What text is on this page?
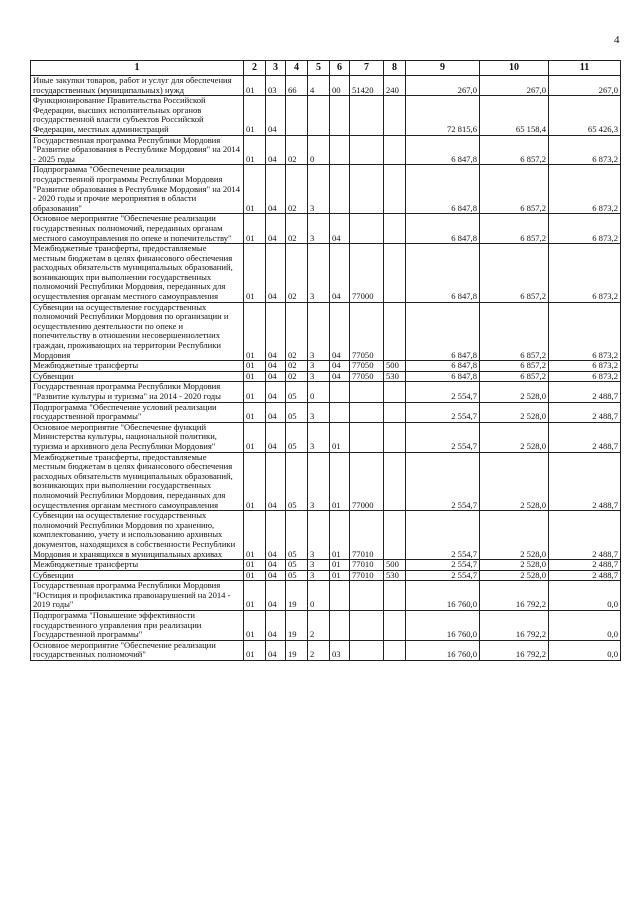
4
1	2	3	4	5	6	7	8	9	10	11
Иные закупки товаров, работ и услуг для обеспечения государственных (муниципальных) нужд	01	03	66	4	00	51420	240	267,0	267,0	267,0
Функционирование Правительства Российской Федерации, высших исполнительных органов государственной власти субъектов Российской Федерации, местных администраций	01	04						72 815,6	65 158,4	65 426,3
Государственная программа Республики Мордовия "Развитие образования в Республике Мордовия" на 2014 - 2025 годы	01	04	02	0				6 847,8	6 857,2	6 873,2
Подпрограмма "Обеспечение реализации государственной программы Республики Мордовия "Развитие образования в Республике Мордовия" на 2014 - 2020 годы и прочие мероприятия в области образования"	01	04	02	3				6 847,8	6 857,2	6 873,2
Основное мероприятие "Обеспечение реализации государственных полномочий, переданных органам местного самоуправления по опеке и попечительству"	01	04	02	3	04			6 847,8	6 857,2	6 873,2
Межбюджетные трансферты, предоставляемые местным бюджетам в целях финансового обеспечения расходных обязательств муниципальных образований, возникающих при выполнении государственных полномочий Республики Мордовия, переданных для осуществления органам местного самоуправления	01	04	02	3	04	77000		6 847,8	6 857,2	6 873,2
Субвенции на осуществление государственных полномочий Республики Мордовия по организации и осуществлению деятельности по опеке и попечительству в отношении несовершеннолетних граждан, проживающих на территории Республики Мордовия	01	04	02	3	04	77050		6 847,8	6 857,2	6 873,2
Межбюджетные трансферты	01	04	02	3	04	77050	500	6 847,8	6 857,2	6 873,2
Субвенции	01	04	02	3	04	77050	530	6 847,8	6 857,2	6 873,2
Государственная программа Республики Мордовия "Развитие культуры и туризма" на 2014 - 2020 годы	01	04	05	0				2 554,7	2 528,0	2 488,7
Подпрограмма "Обеспечение условий реализации государственной программы"	01	04	05	3				2 554,7	2 528,0	2 488,7
Основное мероприятие "Обеспечение функций Министерства культуры, национальной политики, туризма и архивного дела Республики Мордовия"	01	04	05	3	01			2 554,7	2 528,0	2 488,7
Межбюджетные трансферты, предоставляемые местным бюджетам в целях финансового обеспечения расходных обязательств муниципальных образований, возникающих при выполнении государственных полномочий Республики Мордовия, переданных для осуществления органам местного самоуправления	01	04	05	3	01	77000		2 554,7	2 528,0	2 488,7
Субвенции на осуществление государственных полномочий Республики Мордовия по хранению, комплектованию, учету и использованию архивных документов, находящихся в собственности Республики Мордовия и хранящихся в муниципальных архивах	01	04	05	3	01	77010		2 554,7	2 528,0	2 488,7
Межбюджетные трансферты	01	04	05	3	01	77010	500	2 554,7	2 528,0	2 488,7
Субвенции	01	04	05	3	01	77010	530	2 554,7	2 528,0	2 488,7
Государственная программа Республики Мордовия "Юстиция и профилактика правонарушений на 2014 - 2019 годы"	01	04	19	0				16 760,0	16 792,2	0,0
Подпрограмма "Повышение эффективности государственного управления при реализации Государственной программы"	01	04	19	2				16 760,0	16 792,2	0,0
Основное мероприятие "Обеспечение реализации государственных полномочий"	01	04	19	2	03			16 760,0	16 792,2	0,0
